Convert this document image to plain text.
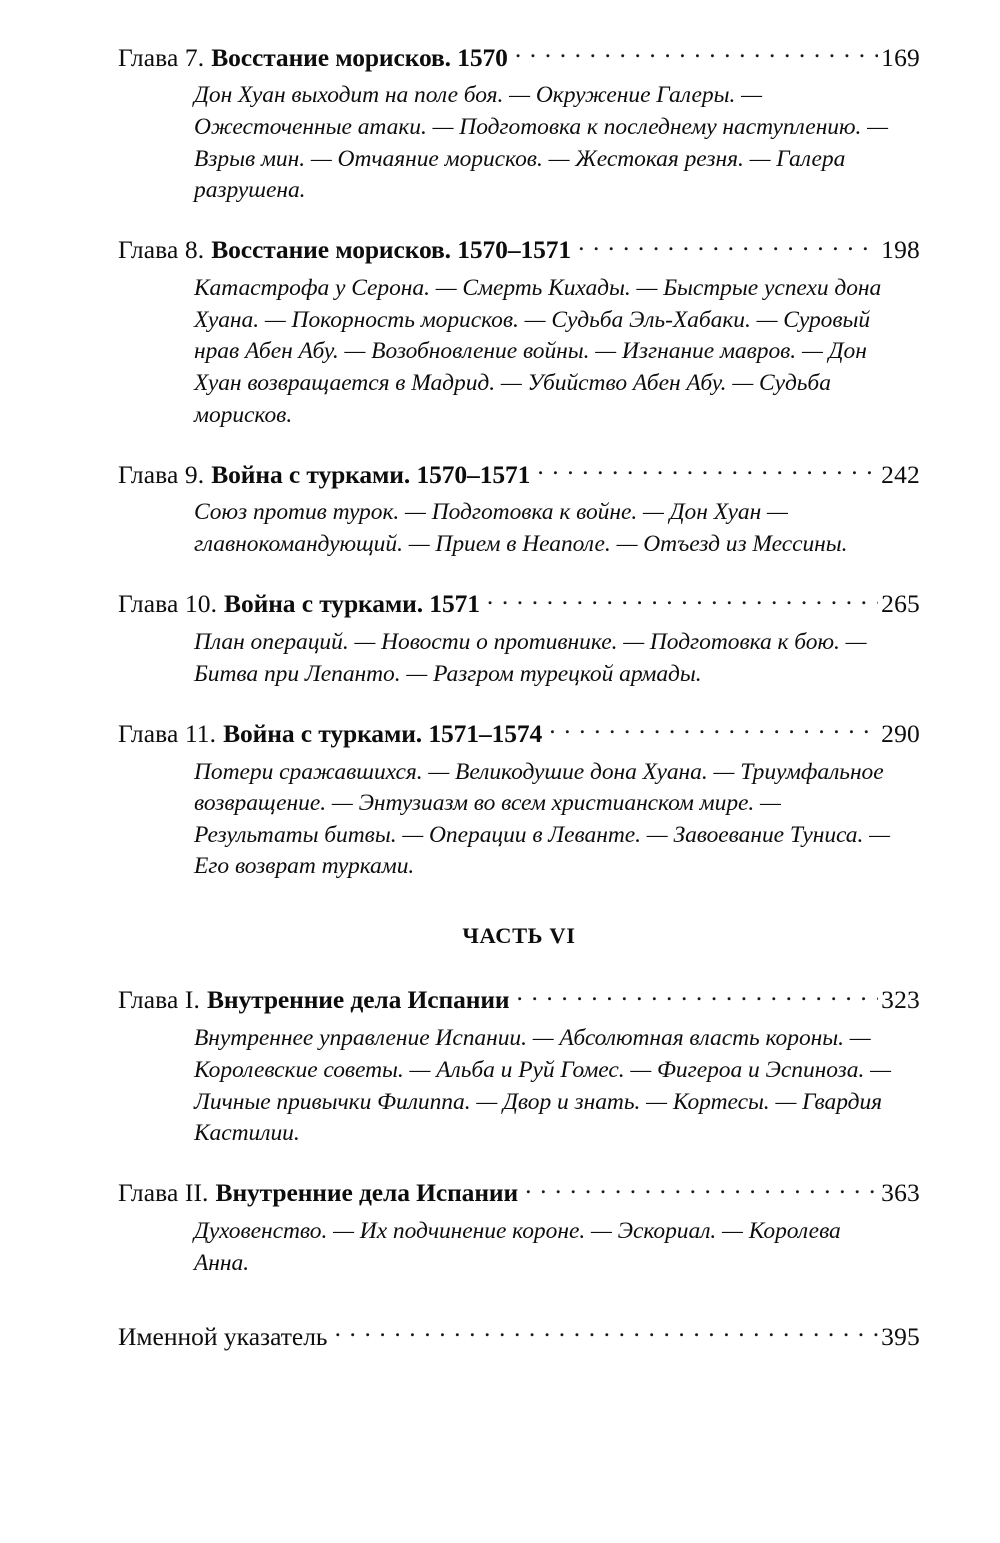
Глава 7. Восстание морисков. 1570 . . .	169
Дон Хуан выходит на поле боя. — Окружение Галеры. — Ожесточенные атаки. — Подготовка к последнему наступлению. — Взрыв мин. — Отчаяние морисков. — Жестокая резня. — Галера разрушена.
Глава 8. Восстание морисков. 1570–1571 . . .	198
Катастрофа у Серона. — Смерть Кихады. — Быстрые успехи дона Хуана. — Покорность морисков. — Судьба Эль-Хабаки. — Суровый нрав Абен Абу. — Возобновление войны. — Изгнание мавров. — Дон Хуан возвращается в Мадрид. — Убийство Абен Абу. — Судьба морисков.
Глава 9. Война с турками. 1570–1571 . . .	242
Союз против турок. — Подготовка к войне. — Дон Хуан — главнокомандующий. — Прием в Неаполе. — Отъезд из Мессины.
Глава 10. Война с турками. 1571 . . .	265
План операций. — Новости о противнике. — Подготовка к бою. — Битва при Лепанто. — Разгром турецкой армады.
Глава 11. Война с турками. 1571–1574 . . .	290
Потери сражавшихся. — Великодушие дона Хуана. — Триумфальное возвращение. — Энтузиазм во всем христианском мире. — Результаты битвы. — Операции в Леванте. — Завоевание Туниса. — Его возврат турками.
ЧАСТЬ VI
Глава I. Внутренние дела Испании . . .	323
Внутреннее управление Испании. — Абсолютная власть короны. — Королевские советы. — Альба и Руй Гомес. — Фигероа и Эспиноза. — Личные привычки Филиппа. — Двор и знать. — Кортесы. — Гвардия Кастилии.
Глава II. Внутренние дела Испании . . .	363
Духовенство. — Их подчинение короне. — Эскориал. — Королева Анна.
Именной указатель . . .	395
